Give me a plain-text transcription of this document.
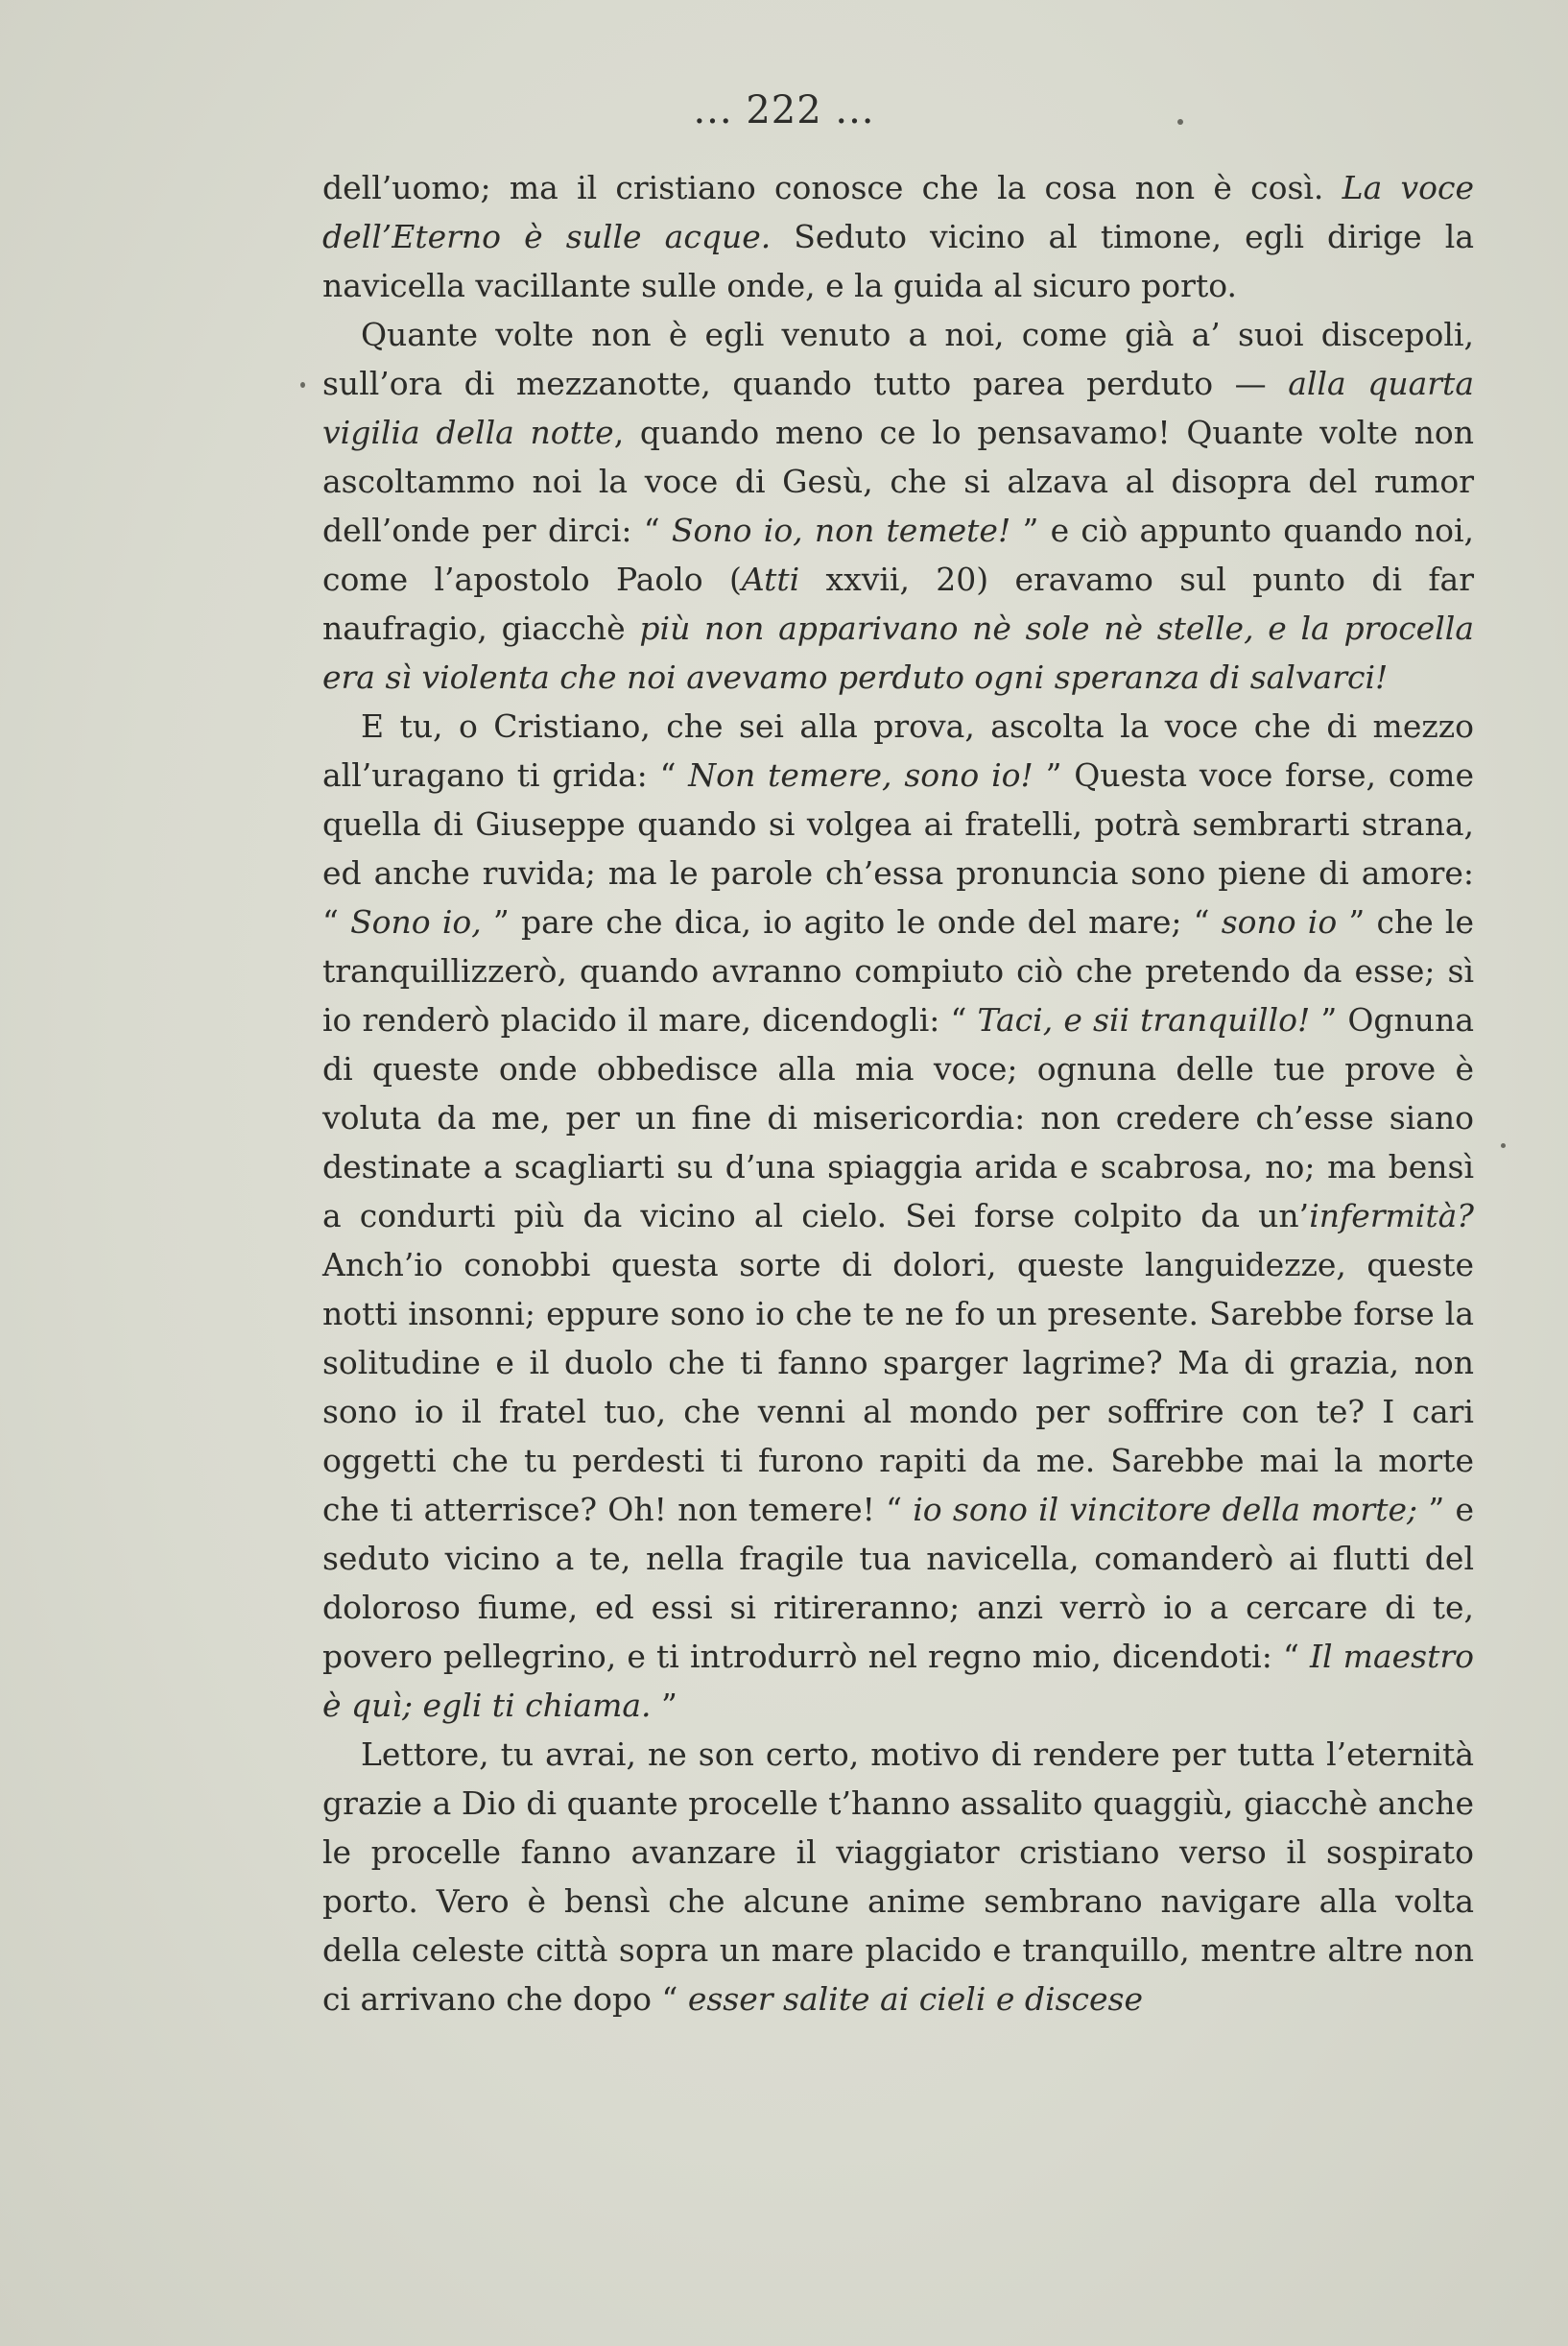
... 222 ...

dell’uomo; ma il cristiano conosce che la cosa non è così. La voce dell’Eterno è sulle acque. Seduto vicino al timone, egli dirige la navicella vacillante sulle onde, e la guida al sicuro porto.

Quante volte non è egli venuto a noi, come già a’ suoi discepoli, sull’ora di mezzanotte, quando tutto parea perduto — alla quarta vigilia della notte, quando meno ce lo pensavamo! Quante volte non ascoltammo noi la voce di Gesù, che si alzava al disopra del rumor dell’onde per dirci: “ Sono io, non temete! ” e ciò appunto quando noi, come l’apostolo Paolo (Atti xxvii, 20) eravamo sul punto di far naufragio, giacchè più non apparivano nè sole nè stelle, e la procella era sì violenta che noi avevamo perduto ogni speranza di salvarci!

E tu, o Cristiano, che sei alla prova, ascolta la voce che di mezzo all’uragano ti grida: “ Non temere, sono io! ” Questa voce forse, come quella di Giuseppe quando si volgea ai fratelli, potrà sembrarti strana, ed anche ruvida; ma le parole ch’essa pronuncia sono piene di amore: “ Sono io, ” pare che dica, io agito le onde del mare; “ sono io ” che le tranquillizzerò, quando avranno compiuto ciò che pretendo da esse; sì io renderò placido il mare, dicendogli: “ Taci, e sii tranquillo! ” Ognuna di queste onde obbedisce alla mia voce; ognuna delle tue prove è voluta da me, per un fine di misericordia: non credere ch’esse siano destinate a scagliarti su d’una spiaggia arida e scabrosa, no; ma bensì a condurti più da vicino al cielo. Sei forse colpito da un’infermità? Anch’io conobbi questa sorte di dolori, queste languidezze, queste notti insonni; eppure sono io che te ne fo un presente. Sarebbe forse la solitudine e il duolo che ti fanno sparger lagrime? Ma di grazia, non sono io il fratel tuo, che venni al mondo per soffrire con te? I cari oggetti che tu perdesti ti furono rapiti da me. Sarebbe mai la morte che ti atterrisce? Oh! non temere! “ io sono il vincitore della morte; ” e seduto vicino a te, nella fragile tua navicella, comanderò ai flutti del doloroso fiume, ed essi si ritireranno; anzi verrò io a cercare di te, povero pellegrino, e ti introdurrò nel regno mio, dicendoti: “ Il maestro è quì; egli ti chiama. ”

Lettore, tu avrai, ne son certo, motivo di rendere per tutta l’eternità grazie a Dio di quante procelle t’hanno assalito quaggiù, giacchè anche le procelle fanno avanzare il viaggiator cristiano verso il sospirato porto. Vero è bensì che alcune anime sembrano navigare alla volta della celeste città sopra un mare placido e tranquillo, mentre altre non ci arrivano che dopo “ esser salite ai cieli e discese
